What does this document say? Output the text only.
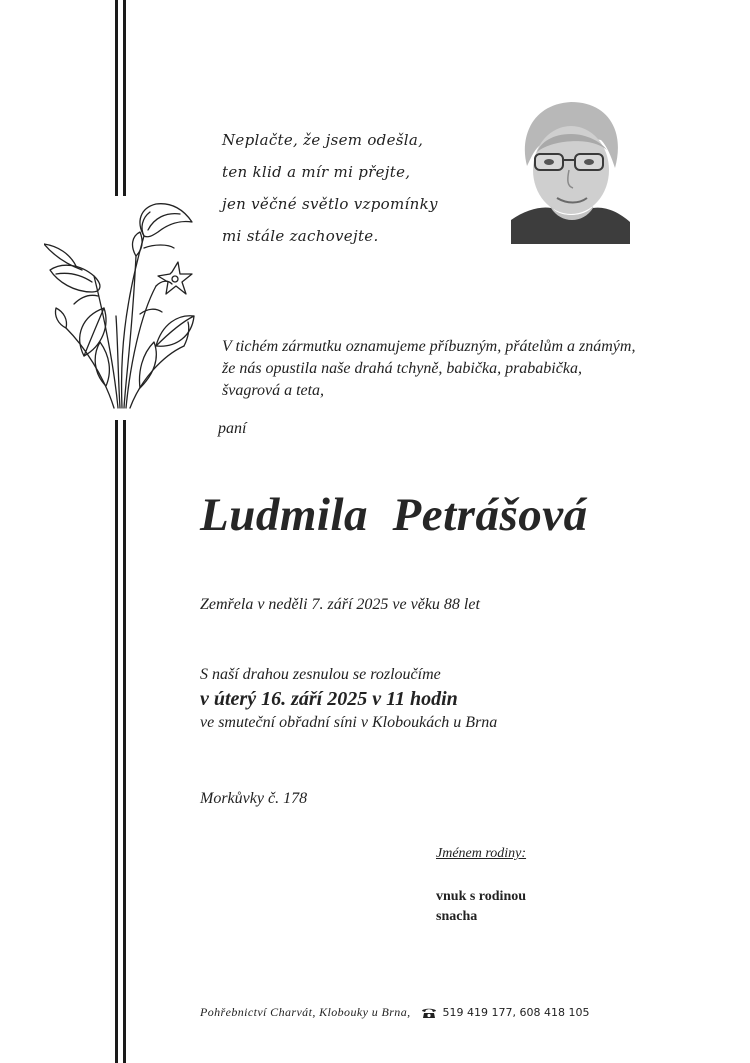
Neplačte, že jsem odešla,
ten klid a mír mi přejte,
jen věčné světlo vzpomínky
mi stále zachovejte.
V tichém zármutku oznamujeme příbuzným, přátelům a známým,
že nás opustila naše drahá tchyně, babička, prababička,
švagrová a teta,
paní
Ludmila  Petrášová
Zemřela v neděli 7. září 2025 ve věku 88 let
S naší drahou zesnulou se rozloučíme
v úterý 16. září 2025 v 11 hodin
ve smuteční obřadní síni v Kloboukách u Brna
Morkůvky č. 178
Jménem rodiny:
vnuk s rodinou
snacha
Pohřebnictví Charvát, Klobouky u Brna,	519 419 177, 608 418 105
